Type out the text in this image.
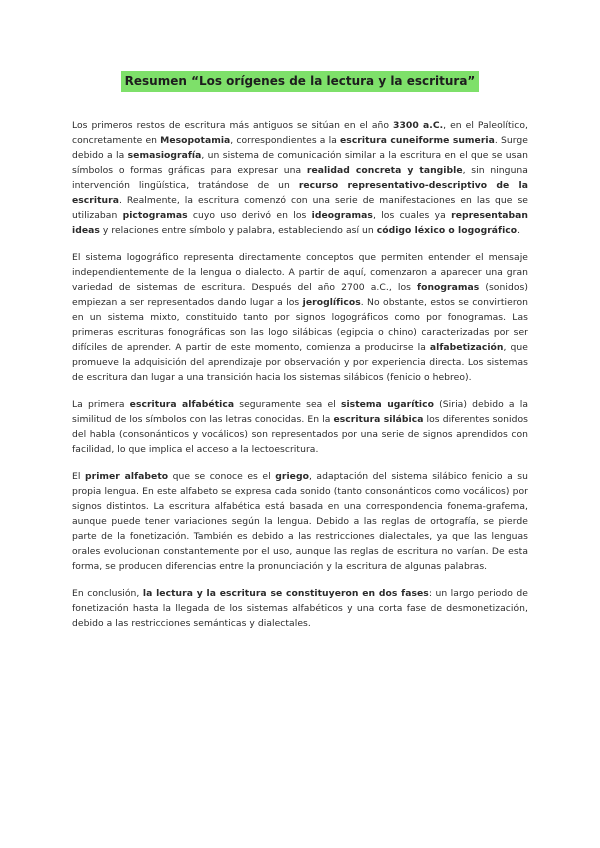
Resumen “Los orígenes de la lectura y la escritura”

Los primeros restos de escritura más antiguos se sitúan en el año 3300 a.C., en el Paleolítico, concretamente en Mesopotamia, correspondientes a la escritura cuneiforme sumeria. Surge debido a la semasiografía, un sistema de comunicación similar a la escritura en el que se usan símbolos o formas gráficas para expresar una realidad concreta y tangible, sin ninguna intervención lingüística, tratándose de un recurso representativo-descriptivo de la escritura. Realmente, la escritura comenzó con una serie de manifestaciones en las que se utilizaban pictogramas cuyo uso derivó en los ideogramas, los cuales ya representaban ideas y relaciones entre símbolo y palabra, estableciendo así un código léxico o logográfico.

El sistema logográfico representa directamente conceptos que permiten entender el mensaje independientemente de la lengua o dialecto. A partir de aquí, comenzaron a aparecer una gran variedad de sistemas de escritura. Después del año 2700 a.C., los fonogramas (sonidos) empiezan a ser representados dando lugar a los jeroglíficos. No obstante, estos se convirtieron en un sistema mixto, constituido tanto por signos logográficos como por fonogramas. Las primeras escrituras fonográficas son las logo silábicas (egipcia o chino) caracterizadas por ser difíciles de aprender. A partir de este momento, comienza a producirse la alfabetización, que promueve la adquisición del aprendizaje por observación y por experiencia directa. Los sistemas de escritura dan lugar a una transición hacia los sistemas silábicos (fenicio o hebreo).

La primera escritura alfabética seguramente sea el sistema ugarítico (Siria) debido a la similitud de los símbolos con las letras conocidas. En la escritura silábica los diferentes sonidos del habla (consonánticos y vocálicos) son representados por una serie de signos aprendidos con facilidad, lo que implica el acceso a la lectoescritura.

El primer alfabeto que se conoce es el griego, adaptación del sistema silábico fenicio a su propia lengua. En este alfabeto se expresa cada sonido (tanto consonánticos como vocálicos) por signos distintos. La escritura alfabética está basada en una correspondencia fonema-grafema, aunque puede tener variaciones según la lengua. Debido a las reglas de ortografía, se pierde parte de la fonetización. También es debido a las restricciones dialectales, ya que las lenguas orales evolucionan constantemente por el uso, aunque las reglas de escritura no varían. De esta forma, se producen diferencias entre la pronunciación y la escritura de algunas palabras.

En conclusión, la lectura y la escritura se constituyeron en dos fases: un largo periodo de fonetización hasta la llegada de los sistemas alfabéticos y una corta fase de desmonetización, debido a las restricciones semánticas y dialectales.
